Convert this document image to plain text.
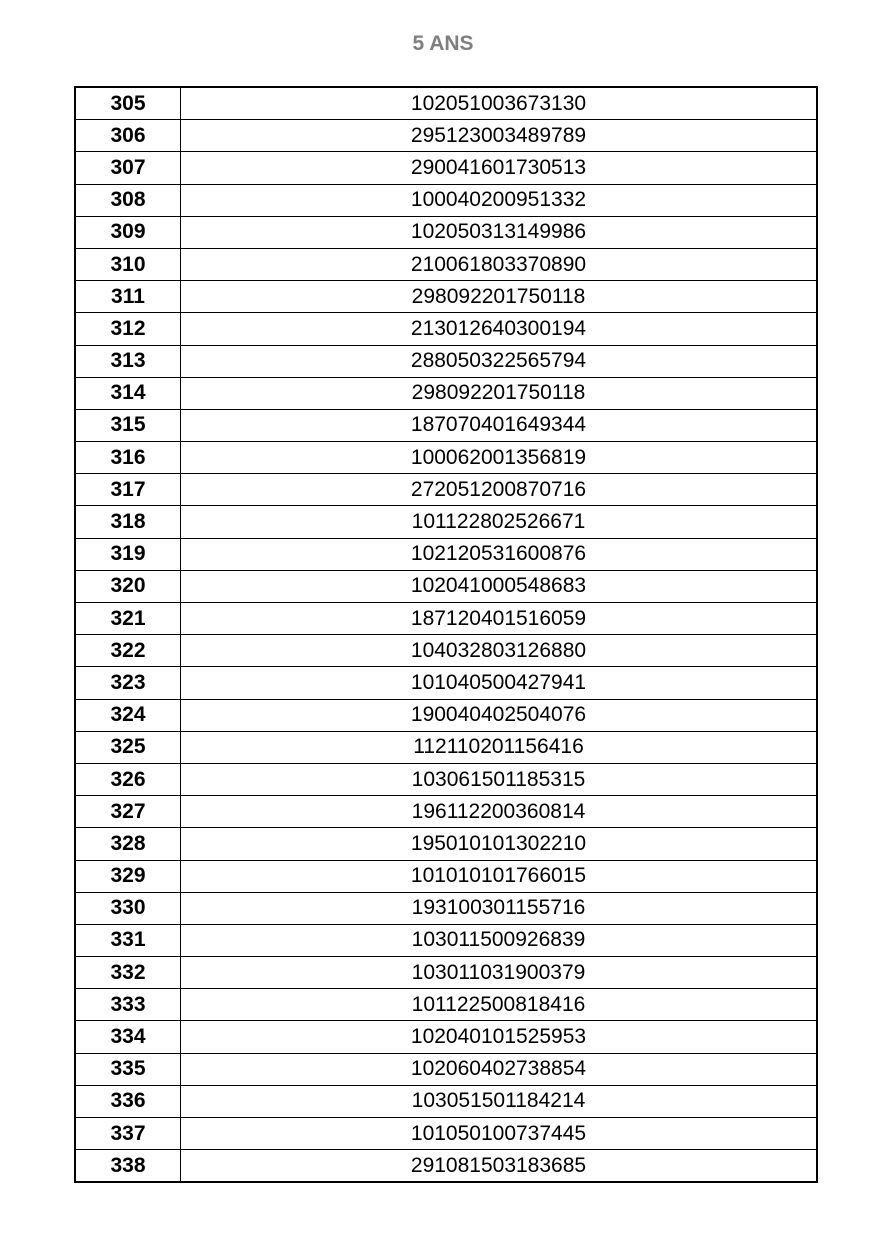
5 ANS
305	102051003673130
306	295123003489789
307	290041601730513
308	100040200951332
309	102050313149986
310	210061803370890
311	298092201750118
312	213012640300194
313	288050322565794
314	298092201750118
315	187070401649344
316	100062001356819
317	272051200870716
318	101122802526671
319	102120531600876
320	102041000548683
321	187120401516059
322	104032803126880
323	101040500427941
324	190040402504076
325	112110201156416
326	103061501185315
327	196112200360814
328	195010101302210
329	101010101766015
330	193100301155716
331	103011500926839
332	103011031900379
333	101122500818416
334	102040101525953
335	102060402738854
336	103051501184214
337	101050100737445
338	291081503183685
